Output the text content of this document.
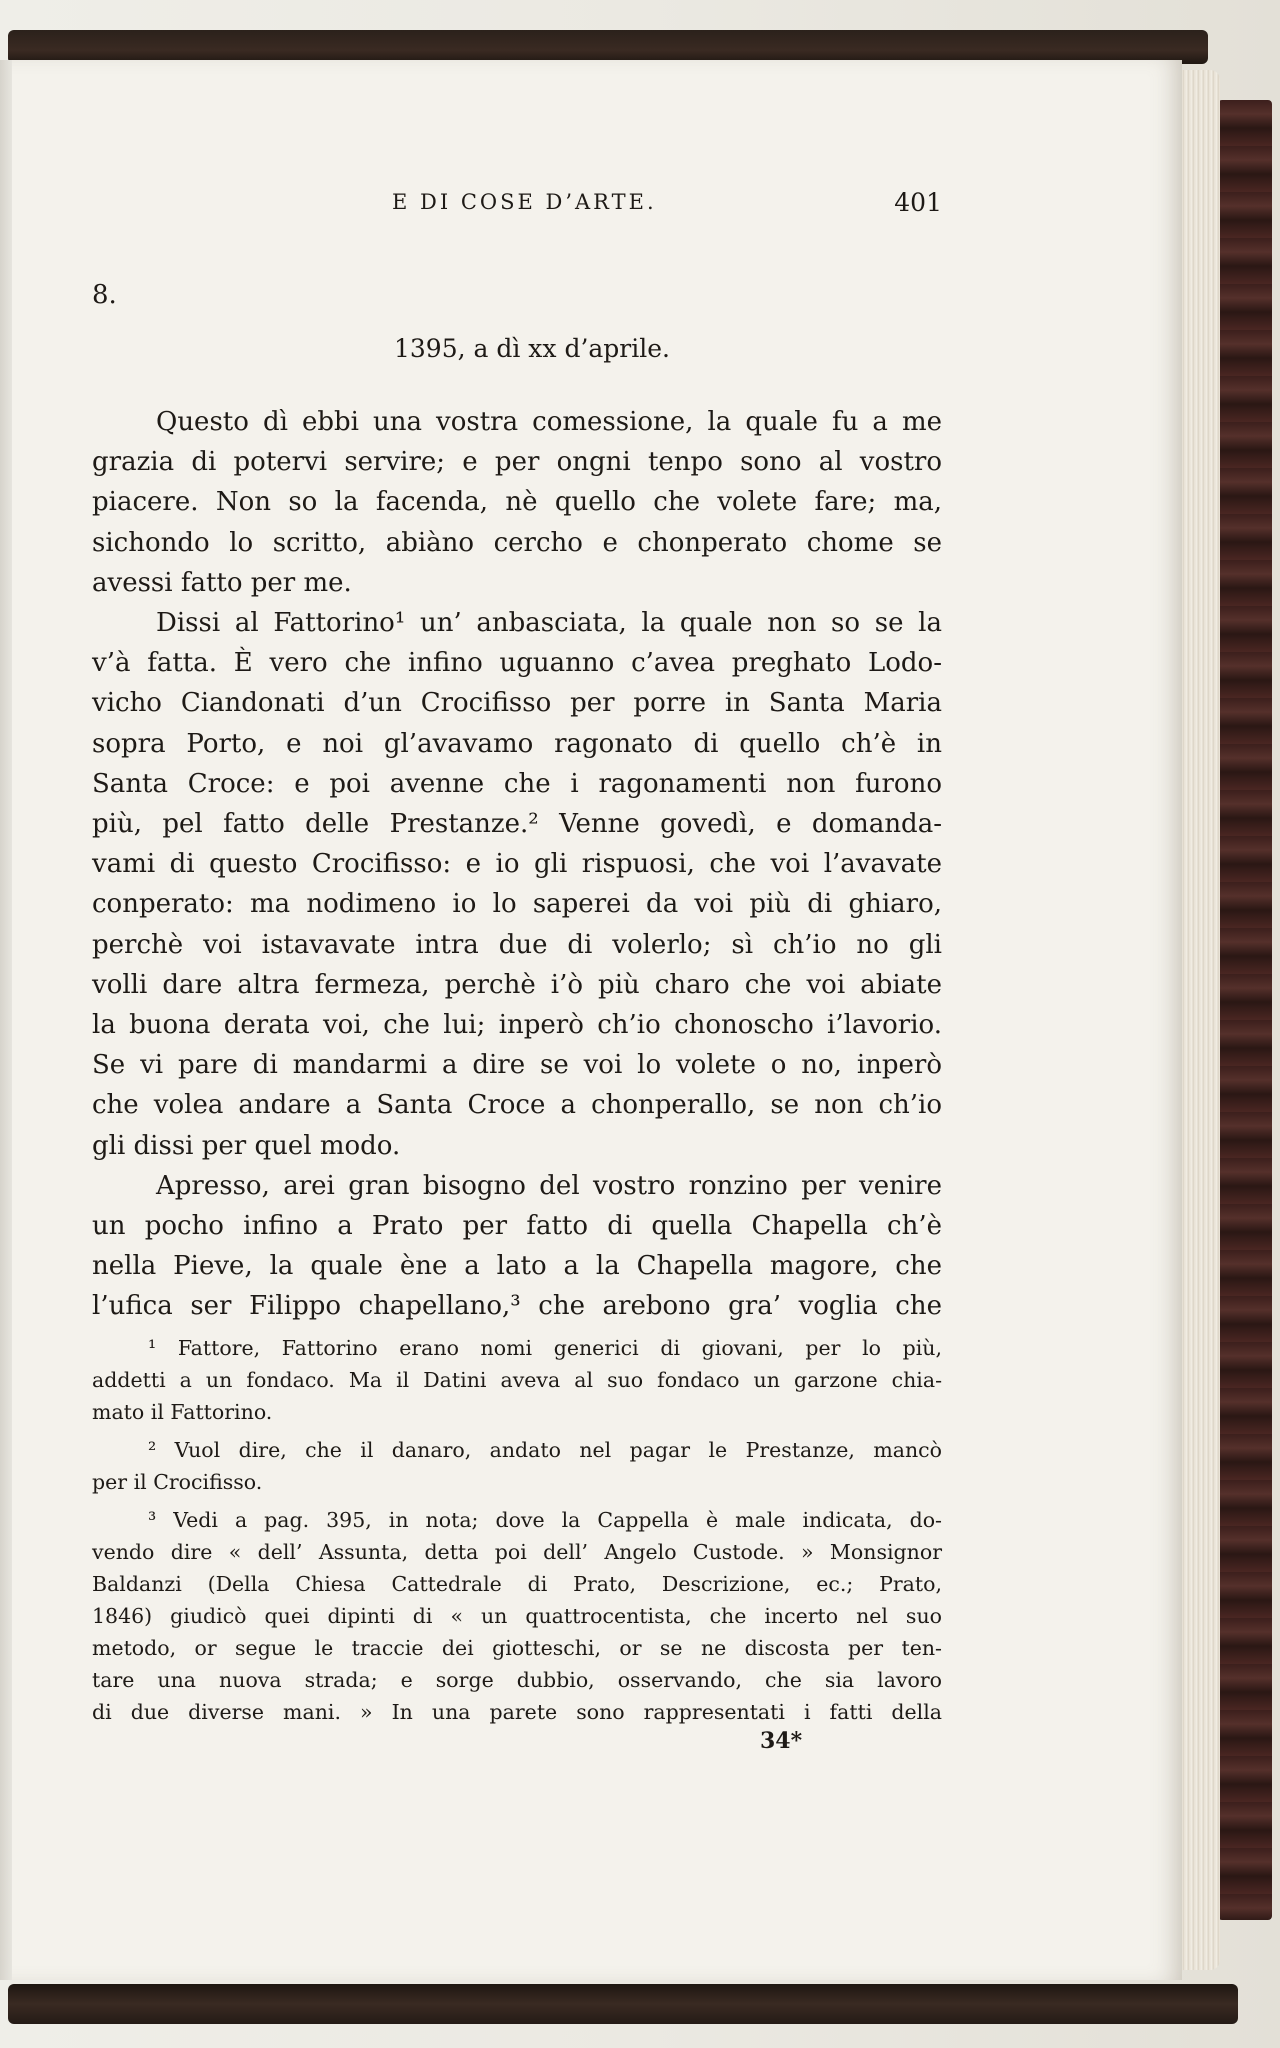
E DI COSE D’ARTE.	401
8.
1395, a dì xx d’aprile.
Questo dì ebbi una vostra comessione, la quale fu a me
grazia di potervi servire; e per ongni tenpo sono al vostro
piacere. Non so la facenda, nè quello che volete fare; ma,
sichondo lo scritto, abiàno cercho e chonperato chome se
avessi fatto per me.
Dissi al Fattorino¹ un’ anbasciata, la quale non so se la
v’à fatta. È vero che infino uguanno c’avea preghato Lodo-
vicho Ciandonati d’un Crocifisso per porre in Santa Maria
sopra Porto, e noi gl’avavamo ragonato di quello ch’è in
Santa Croce: e poi avenne che i ragonamenti non furono
più, pel fatto delle Prestanze.² Venne govedì, e domanda-
vami di questo Crocifisso: e io gli rispuosi, che voi l’avavate
conperato: ma nodimeno io lo saperei da voi più di ghiaro,
perchè voi istavavate intra due di volerlo; sì ch’io no gli
volli dare altra fermeza, perchè i’ò più charo che voi abiate
la buona derata voi, che lui; inperò ch’io chonoscho i’lavorio.
Se vi pare di mandarmi a dire se voi lo volete o no, inperò
che volea andare a Santa Croce a chonperallo, se non ch’io
gli dissi per quel modo.
Apresso, arei gran bisogno del vostro ronzino per venire
un pocho infino a Prato per fatto di quella Chapella ch’è
nella Pieve, la quale ène a lato a la Chapella magore, che
l’ufica ser Filippo chapellano,³ che arebono gra’ voglia che
¹ Fattore, Fattorino erano nomi generici di giovani, per lo più,
addetti a un fondaco. Ma il Datini aveva al suo fondaco un garzone chia-
mato il Fattorino.
² Vuol dire, che il danaro, andato nel pagar le Prestanze, mancò
per il Crocifisso.
³ Vedi a pag. 395, in nota; dove la Cappella è male indicata, do-
vendo dire « dell’ Assunta, detta poi dell’ Angelo Custode. » Monsignor
Baldanzi (Della Chiesa Cattedrale di Prato, Descrizione, ec.; Prato,
1846) giudicò quei dipinti di « un quattrocentista, che incerto nel suo
metodo, or segue le traccie dei giotteschi, or se ne discosta per ten-
tare una nuova strada; e sorge dubbio, osservando, che sia lavoro
di due diverse mani. » In una parete sono rappresentati i fatti della
34*
